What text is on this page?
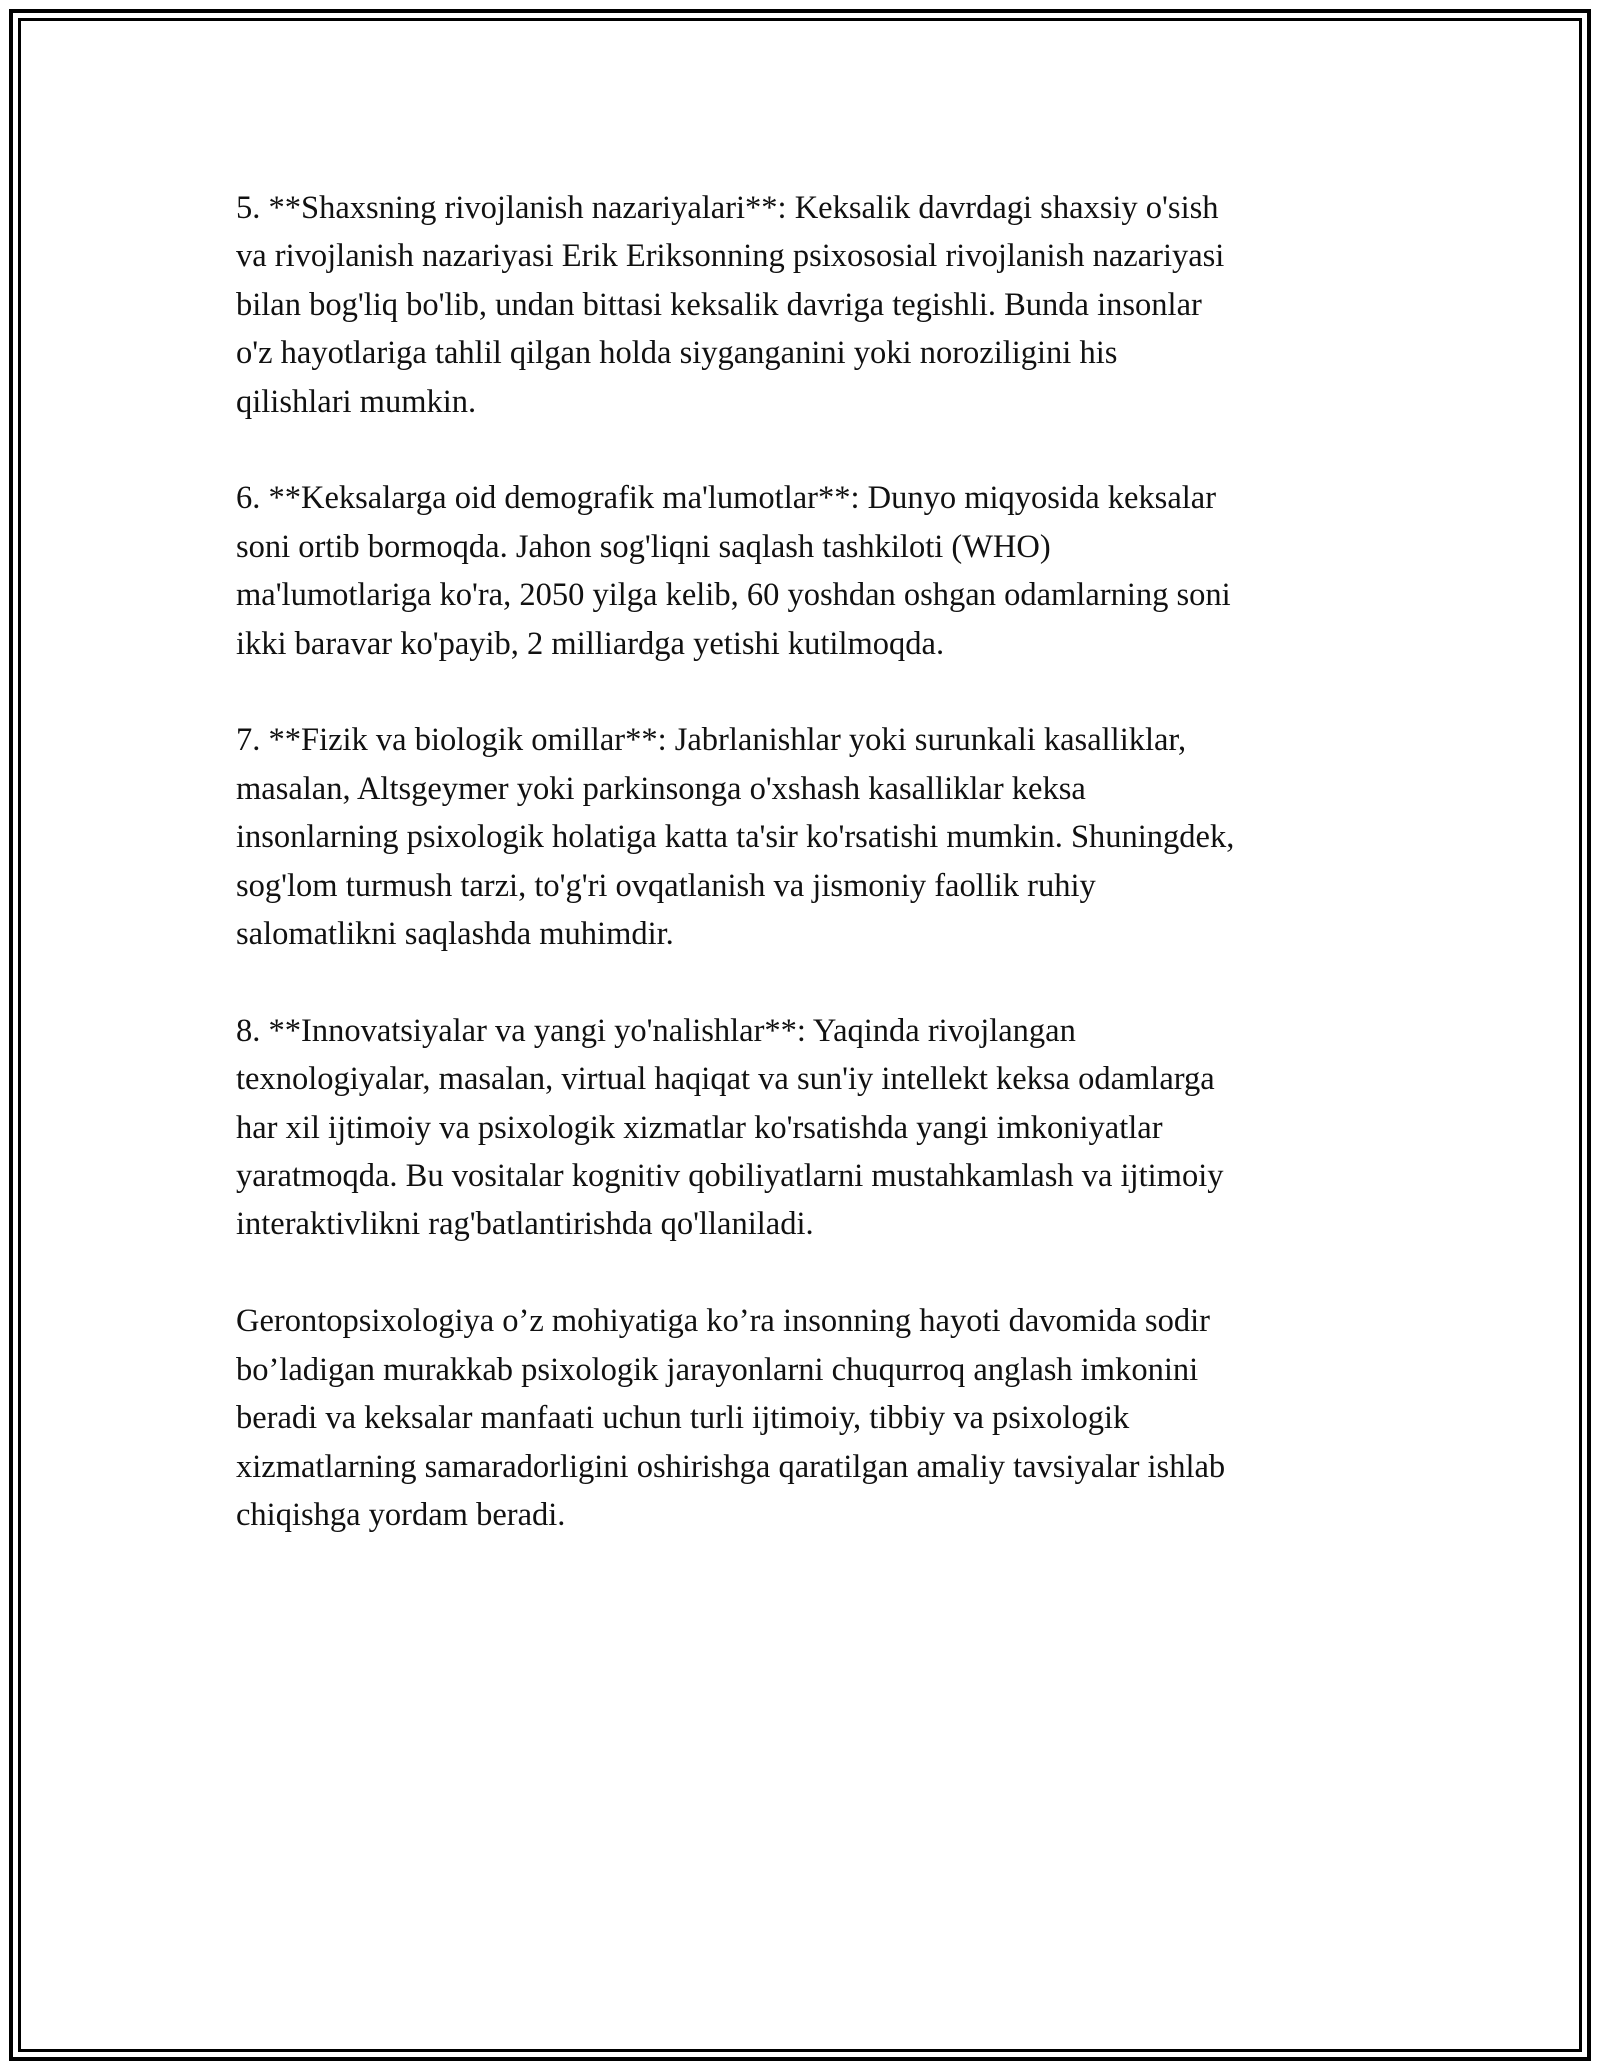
5. **Shaxsning rivojlanish nazariyalari**: Keksalik davrdagi shaxsiy o'sish
va rivojlanish nazariyasi Erik Eriksonning psixososial rivojlanish nazariyasi
bilan bog'liq bo'lib, undan bittasi keksalik davriga tegishli. Bunda insonlar
o'z hayotlariga tahlil qilgan holda siyganganini yoki noroziligini his
qilishlari mumkin.

6. **Keksalarga oid demografik ma'lumotlar**: Dunyo miqyosida keksalar
soni ortib bormoqda. Jahon sog'liqni saqlash tashkiloti (WHO)
ma'lumotlariga ko'ra, 2050 yilga kelib, 60 yoshdan oshgan odamlarning soni
ikki baravar ko'payib, 2 milliardga yetishi kutilmoqda.

7. **Fizik va biologik omillar**: Jabrlanishlar yoki surunkali kasalliklar,
masalan, Altsgeymer yoki parkinsonga o'xshash kasalliklar keksa
insonlarning psixologik holatiga katta ta'sir ko'rsatishi mumkin. Shuningdek,
sog'lom turmush tarzi, to'g'ri ovqatlanish va jismoniy faollik ruhiy
salomatlikni saqlashda muhimdir.

8. **Innovatsiyalar va yangi yo'nalishlar**: Yaqinda rivojlangan
texnologiyalar, masalan, virtual haqiqat va sun'iy intellekt keksa odamlarga
har xil ijtimoiy va psixologik xizmatlar ko'rsatishda yangi imkoniyatlar
yaratmoqda. Bu vositalar kognitiv qobiliyatlarni mustahkamlash va ijtimoiy
interaktivlikni rag'batlantirishda qo'llaniladi.

Gerontopsixologiya o’z mohiyatiga ko’ra insonning hayoti davomida sodir
bo’ladigan murakkab psixologik jarayonlarni chuqurroq anglash imkonini
beradi va keksalar manfaati uchun turli ijtimoiy, tibbiy va psixologik
xizmatlarning samaradorligini oshirishga qaratilgan amaliy tavsiyalar ishlab
chiqishga yordam beradi.
